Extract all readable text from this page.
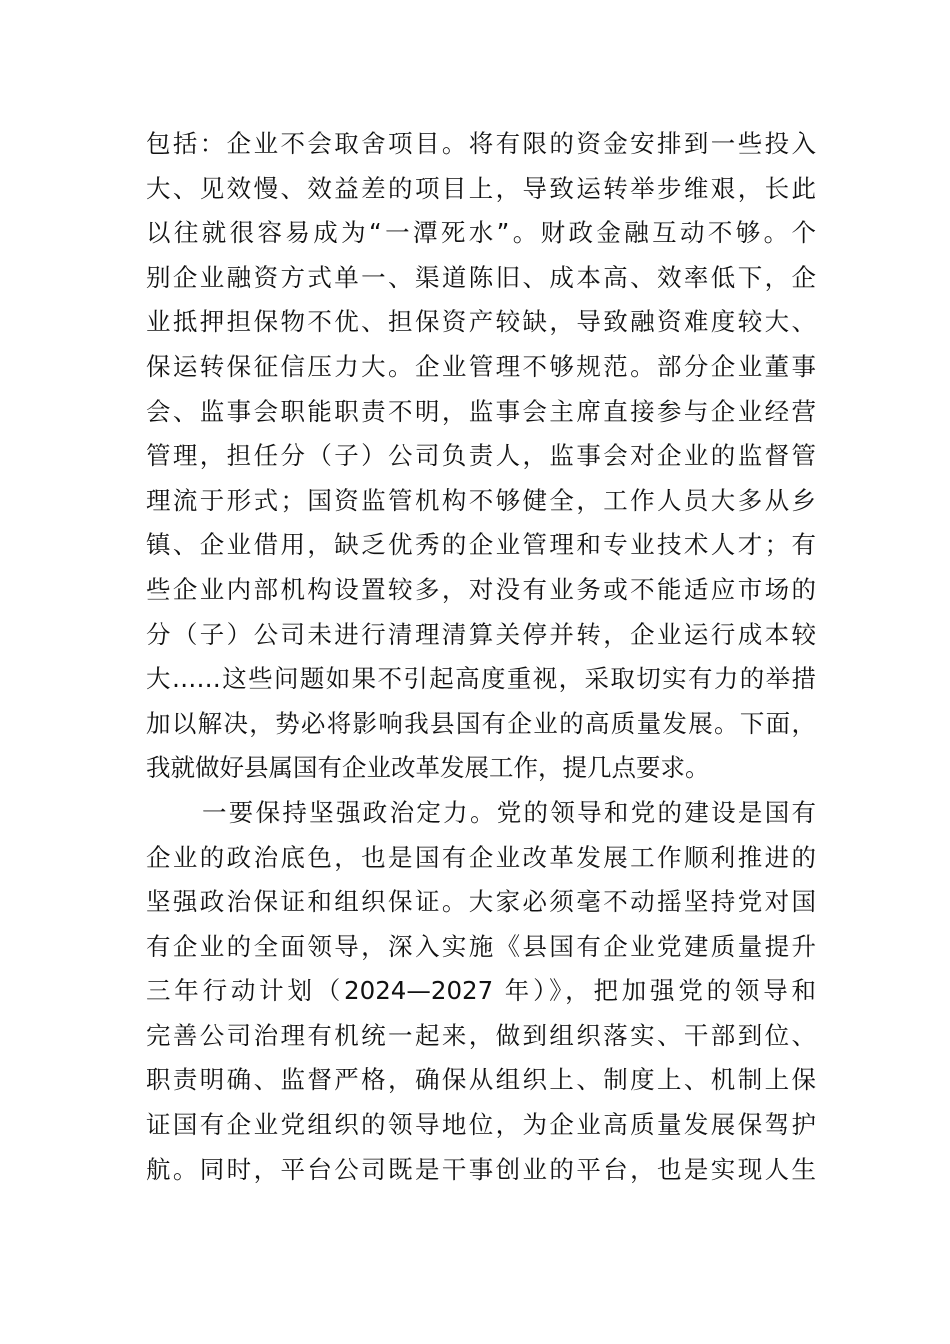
包括：企业不会取舍项目。将有限的资金安排到一些投入
大、见效慢、效益差的项目上，导致运转举步维艰，长此
以往就很容易成为“一潭死水”。财政金融互动不够。个
别企业融资方式单一、渠道陈旧、成本高、效率低下，企
业抵押担保物不优、担保资产较缺，导致融资难度较大、
保运转保征信压力大。企业管理不够规范。部分企业董事
会、监事会职能职责不明，监事会主席直接参与企业经营
管理，担任分（子）公司负责人，监事会对企业的监督管
理流于形式；国资监管机构不够健全，工作人员大多从乡
镇、企业借用，缺乏优秀的企业管理和专业技术人才；有
些企业内部机构设置较多，对没有业务或不能适应市场的
分（子）公司未进行清理清算关停并转，企业运行成本较
大……这些问题如果不引起高度重视，采取切实有力的举措
加以解决，势必将影响我县国有企业的高质量发展。下面，
我就做好县属国有企业改革发展工作，提几点要求。
一要保持坚强政治定力。党的领导和党的建设是国有
企业的政治底色，也是国有企业改革发展工作顺利推进的
坚强政治保证和组织保证。大家必须毫不动摇坚持党对国
有企业的全面领导，深入实施《县国有企业党建质量提升
三年行动计划（2024—2027 年）》，把加强党的领导和
完善公司治理有机统一起来，做到组织落实、干部到位、
职责明确、监督严格，确保从组织上、制度上、机制上保
证国有企业党组织的领导地位，为企业高质量发展保驾护
航。同时，平台公司既是干事创业的平台，也是实现人生
